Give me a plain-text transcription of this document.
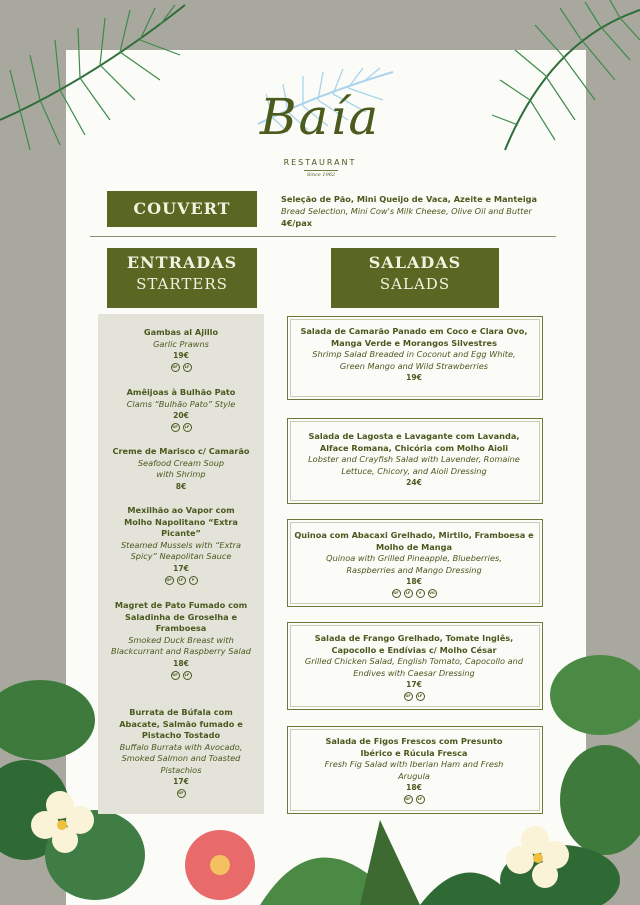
Baía
RESTAURANT
Since 1962
COUVERT	Seleção de Pão, Mini Queijo de Vaca, Azeite e Manteiga
Bread Selection, Mini Cow's Milk Cheese, Olive Oil and Butter
4€/pax
ENTRADAS
STARTERS
SALADAS
SALADS
Gambas al Ajillo
Garlic Prawns
19€
GF	LF
Amêijoas à Bulhão Pato
Clams “Bulhão Pato” Style
20€
GF	LF
Creme de Marisco c/ Camarão
Seafood Cream Soup with Shrimp
8€
Mexilhão ao Vapor com Molho Napolitano “Extra Picante”
Steamed Mussels with “Extra Spicy” Neapolitan Sauce
17€
GF	LF	P
Magret de Pato Fumado com Saladinha de Groselha e Framboesa
Smoked Duck Breast with Blackcurrant and Raspberry Salad
18€
GF	LF
Burrata de Búfala com Abacate, Salmão fumado e Pistacho Tostado
Buffalo Burrata with Avocado, Smoked Salmon and Toasted Pistachios
17€
GF
Salada de Camarão Panado em Coco e Clara Ovo, Manga Verde e Morangos Silvestres
Shrimp Salad Breaded in Coconut and Egg White, Green Mango and Wild Strawberries
19€
Salada de Lagosta e Lavagante com Lavanda, Alface Romana, Chicória com Molho Aioli
Lobster and Crayfish Salad with Lavender, Romaine Lettuce, Chicory, and Aioli Dressing
24€
Quinoa com Abacaxi Grelhado, Mirtilo, Framboesa e Molho de Manga
Quinoa with Grilled Pineapple, Blueberries, Raspberries and Mango Dressing
18€
GF	LF	V	VG
Salada de Frango Grelhado, Tomate Inglês, Capocollo e Endívias c/ Molho César
Grilled Chicken Salad, English Tomato, Capocollo and Endives with Caesar Dressing
17€
GF	LF
Salada de Figos Frescos com Presunto Ibérico e Rúcula Fresca
Fresh Fig Salad with Iberian Ham and Fresh Arugula
18€
GF	LF
